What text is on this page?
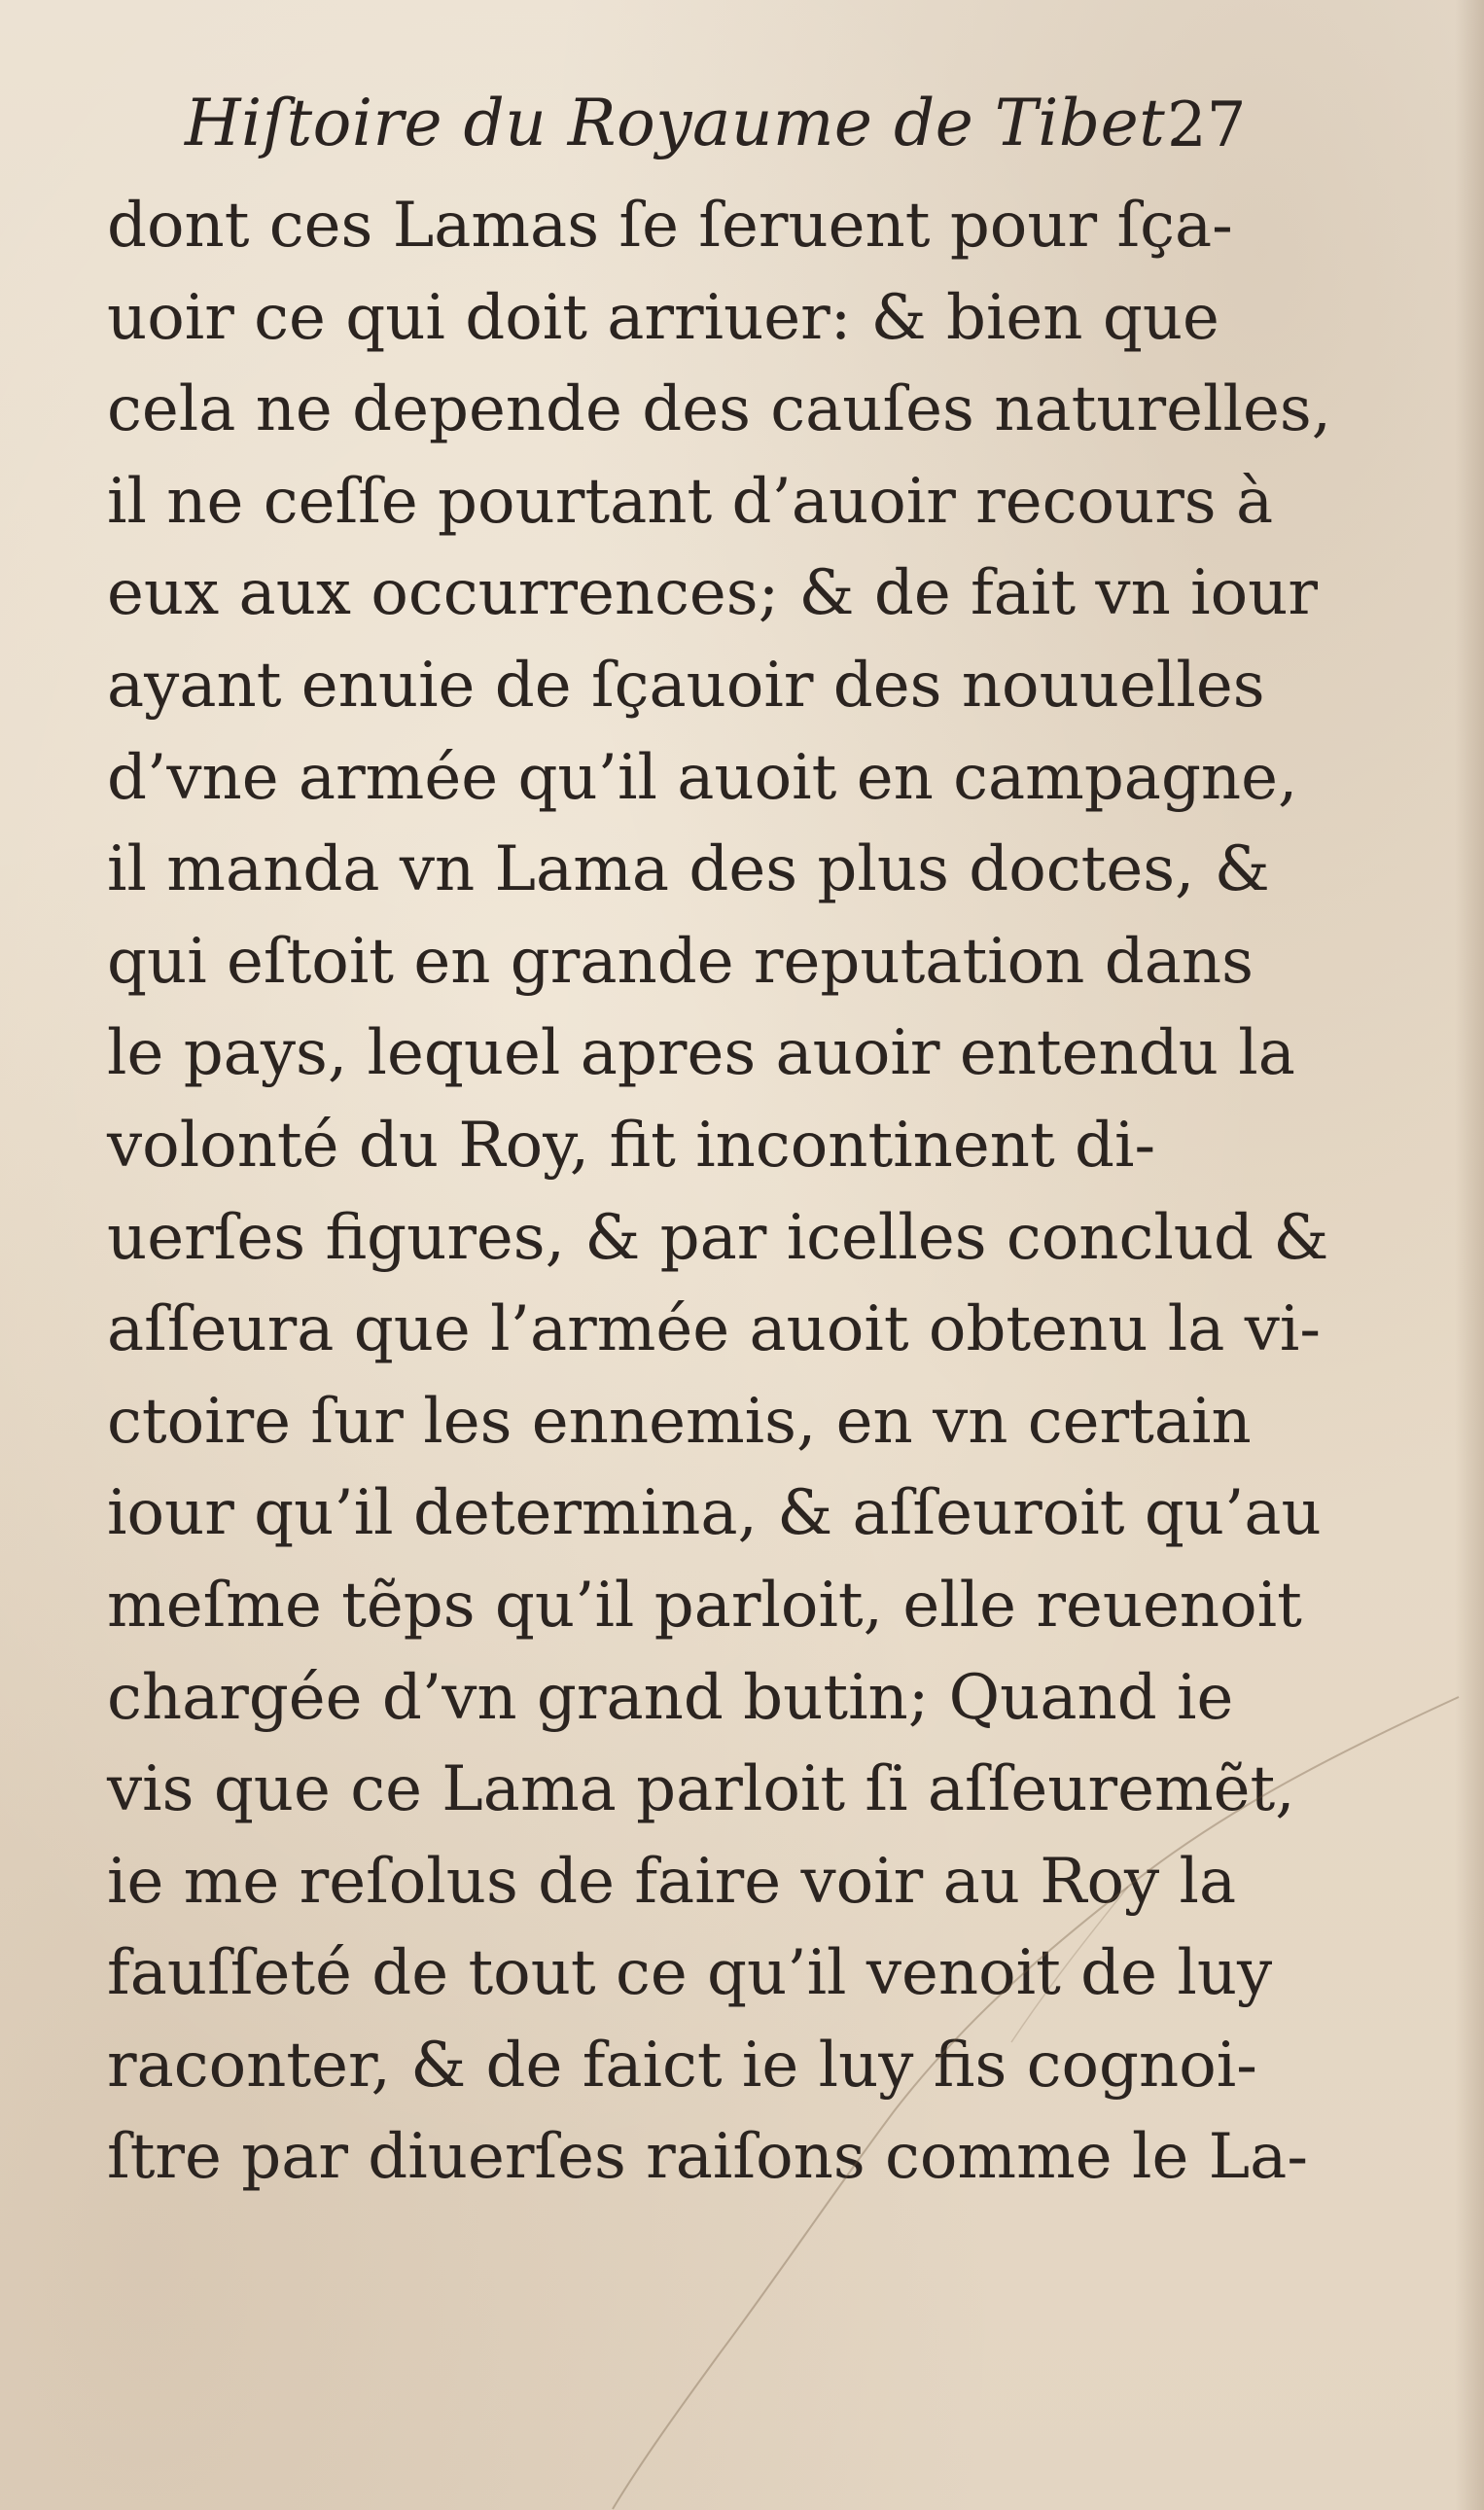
Hiſtoire du Royaume de Tibet.
27
dont ces Lamas ſe ſeruent pour ſça-
uoir ce qui doit arriuer: & bien que
cela ne depende des cauſes naturelles,
il ne ceſſe pourtant d’auoir recours à
eux aux occurrences; & de fait vn iour
ayant enuie de ſçauoir des nouuelles
d’vne armée qu’il auoit en campagne,
il manda vn Lama des plus doctes, &
qui eſtoit en grande reputation dans
le pays, lequel apres auoir entendu la
volonté du Roy, fit incontinent di-
uerſes figures, & par icelles conclud &
aſſeura que l’armée auoit obtenu la vi-
ctoire ſur les ennemis, en vn certain
iour qu’il determina, & aſſeuroit qu’au
meſme tẽps qu’il parloit, elle reuenoit
chargée d’vn grand butin; Quand ie
vis que ce Lama parloit ſi aſſeuremẽt,
ie me reſolus de faire voir au Roy la
fauſſeté de tout ce qu’il venoit de luy
raconter, & de faict ie luy fis cognoi-
ſtre par diuerſes raiſons comme le La-
